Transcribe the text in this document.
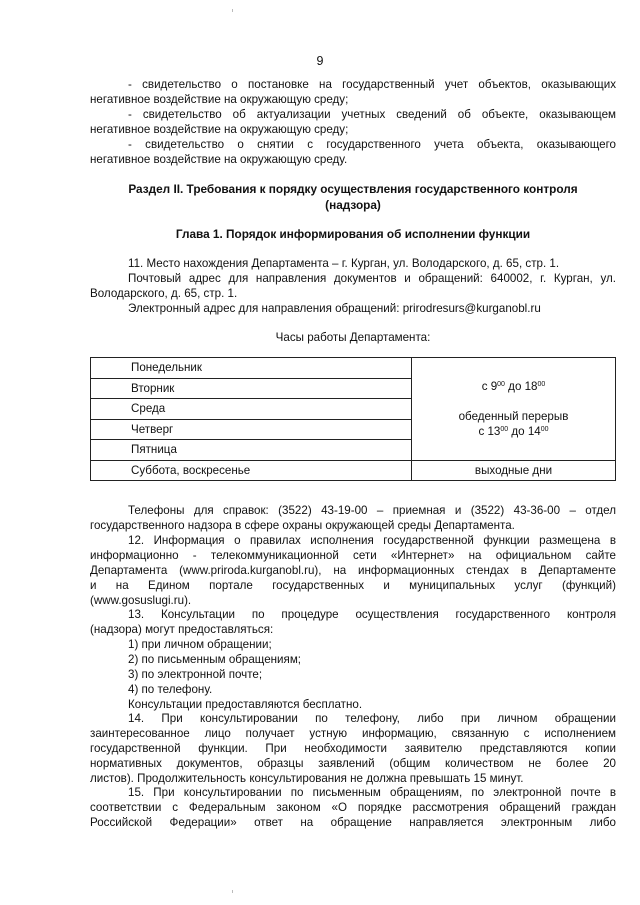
9

- свидетельство о постановке на государственный учет объектов, оказывающих

негативное воздействие на окружающую среду;

- свидетельство об актуализации учетных сведений об объекте, оказывающем

негативное воздействие на окружающую среду;

- свидетельство о снятии с государственного учета объекта, оказывающего

негативное воздействие на окружающую среду.

Раздел II. Требования к порядку осуществления государственного контроля
(надзора)
Глава 1. Порядок информирования об исполнении функции

11. Место нахождения Департамента – г. Курган, ул. Володарского, д. 65, стр. 1.

Почтовый адрес для направления документов и обращений: 640002, г. Курган, ул.

Володарского, д. 65, стр. 1.

Электронный адрес для направления обращений: prirodresurs@kurganobl.ru

Часы работы Департамента:
Понедельник	с $9^{00}$ до $18^{00}$
обеденный перерыв
с $13^{00}$ до $14^{00}$

Вторник	
Среда	
Четверг	
Пятница	
Суббота, воскресенье	выходные дни

Телефоны для справок: (3522) 43-19-00 – приемная и (3522) 43-36-00 – отдел

государственного надзора в сфере охраны окружающей среды Департамента.

12. Информация о правилах исполнения государственной функции размещена в

информационно - телекоммуникационной сети «Интернет» на официальном сайте

Департамента (www.priroda.kurganobl.ru), на информационных стендах в Департаменте

и на Едином портале государственных и муниципальных услуг (функций)

(www.gosuslugi.ru).

13. Консультации по процедуре осуществления государственного контроля

(надзора) могут предоставляться:

1) при личном обращении;

2) по письменным обращениям;

3) по электронной почте;

4) по телефону.

Консультации предоставляются бесплатно.

14. При консультировании по телефону, либо при личном обращении

заинтересованное лицо получает устную информацию, связанную с исполнением

государственной функции. При необходимости заявителю представляются копии

нормативных документов, образцы заявлений (общим количеством не более 20

листов). Продолжительность консультирования не должна превышать 15 минут.

15. При консультировании по письменным обращениям, по электронной почте в

соответствии с Федеральным законом «О порядке рассмотрения обращений граждан

Российской Федерации» ответ на обращение направляется электронным либо
